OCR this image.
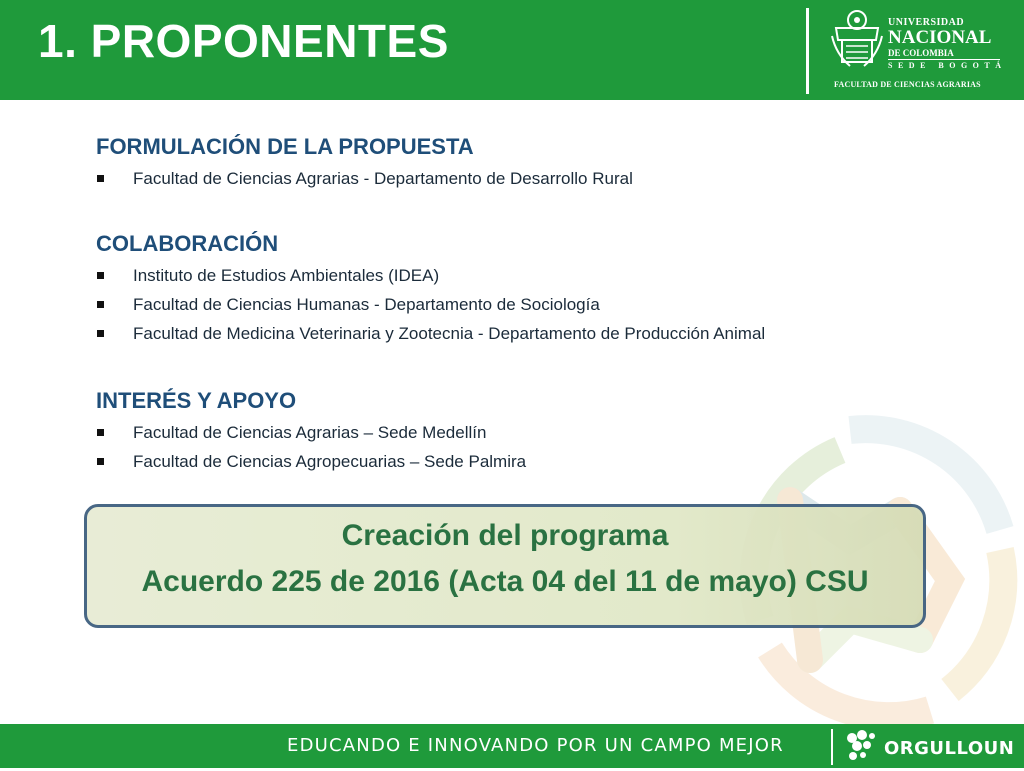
1. PROPONENTES	UNIVERSIDAD
NACIONAL
DE COLOMBIA
SEDE BOGOTÁ
FACULTAD DE CIENCIAS AGRARIAS
FORMULACIÓN DE LA PROPUESTA
Facultad de Ciencias Agrarias - Departamento de Desarrollo Rural
COLABORACIÓN
Instituto de Estudios Ambientales (IDEA)
Facultad de Ciencias Humanas - Departamento de Sociología
Facultad de Medicina Veterinaria y Zootecnia - Departamento de Producción Animal
INTERÉS Y APOYO
Facultad de Ciencias Agrarias – Sede Medellín
Facultad de Ciencias Agropecuarias – Sede Palmira
Creación del programa
Acuerdo 225 de 2016 (Acta 04 del 11 de mayo) CSU
EDUCANDO E INNOVANDO POR UN CAMPO MEJOR	ORGULLOUN
